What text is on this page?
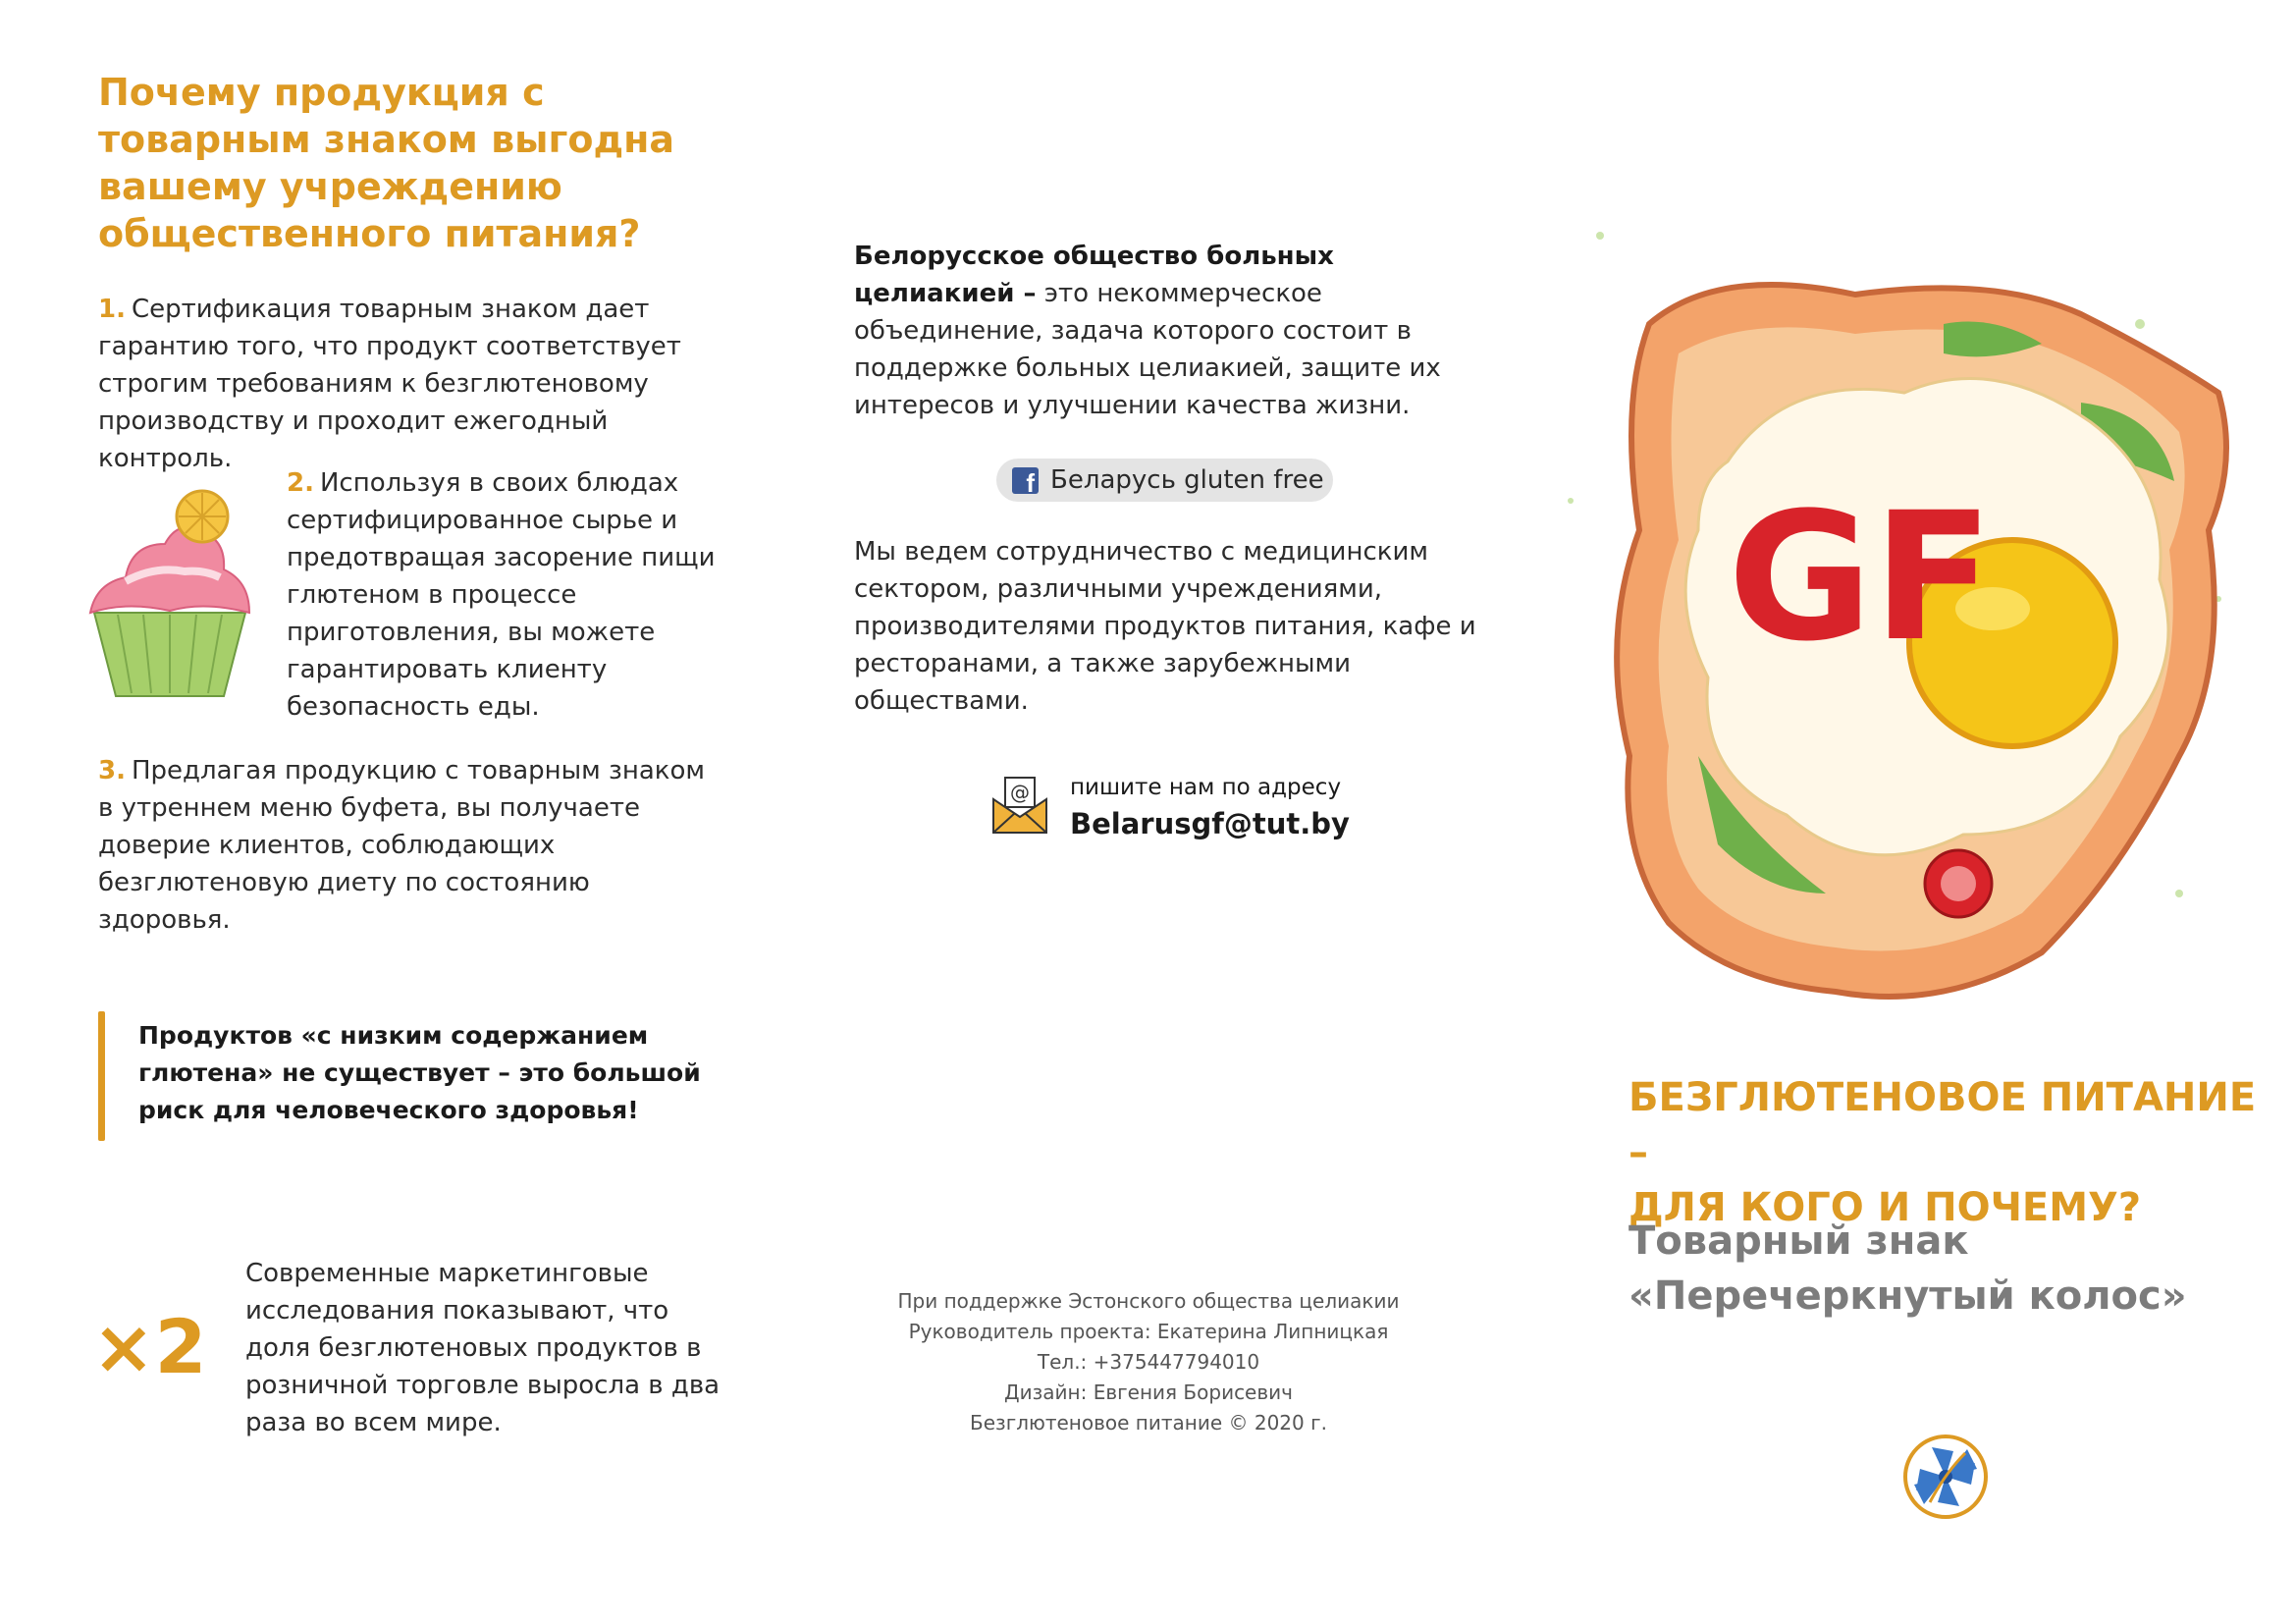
Почему продукция с товарным знаком выгодна вашему учреждению общественного питания?

1. Сертификация товарным знаком дает гарантию того, что продукт соответствует строгим требованиям к безглютеновому производству и проходит ежегодный контроль.

2. Используя в своих блюдах сертифицированное сырье и предотвращая засорение пищи глютеном в процессе приготовления, вы можете гарантировать клиенту безопасность еды.

3. Предлагая продукцию с товарным знаком в утреннем меню буфета, вы получаете доверие клиентов, соблюдающих безглютеновую диету по состоянию здоровья.

Продуктов «с низким содержанием глютена» не существует – это большой риск для человеческого здоровья!
×2

Современные маркетинговые исследования показывают, что доля безглютеновых продуктов в розничной торговле выросла в два раза во всем мире.

Белорусское общество больных целиакией – это некоммерческое объединение, задача которого состоит в поддержке больных целиакией, защите их интересов и улучшении качества жизни.

f Беларусь gluten free

Мы ведем сотрудничество с медицинским сектором, различными учреждениями, производителями продуктов питания, кафе и ресторанами, а также зарубежными обществами.

@ пишите нам по адресу
Belarusgf@tut.by
При поддержке Эстонского общества целиакии
Руководитель проекта: Екатерина Липницкая
Тел.: +375447794010
Дизайн: Евгения Борисевич
Безглютеновое питание © 2020 г.
GF
БЕЗГЛЮТЕНОВОЕ ПИТАНИЕ –
ДЛЯ КОГО И ПОЧЕМУ?
Товарный знак
«Перечеркнутый колос»
